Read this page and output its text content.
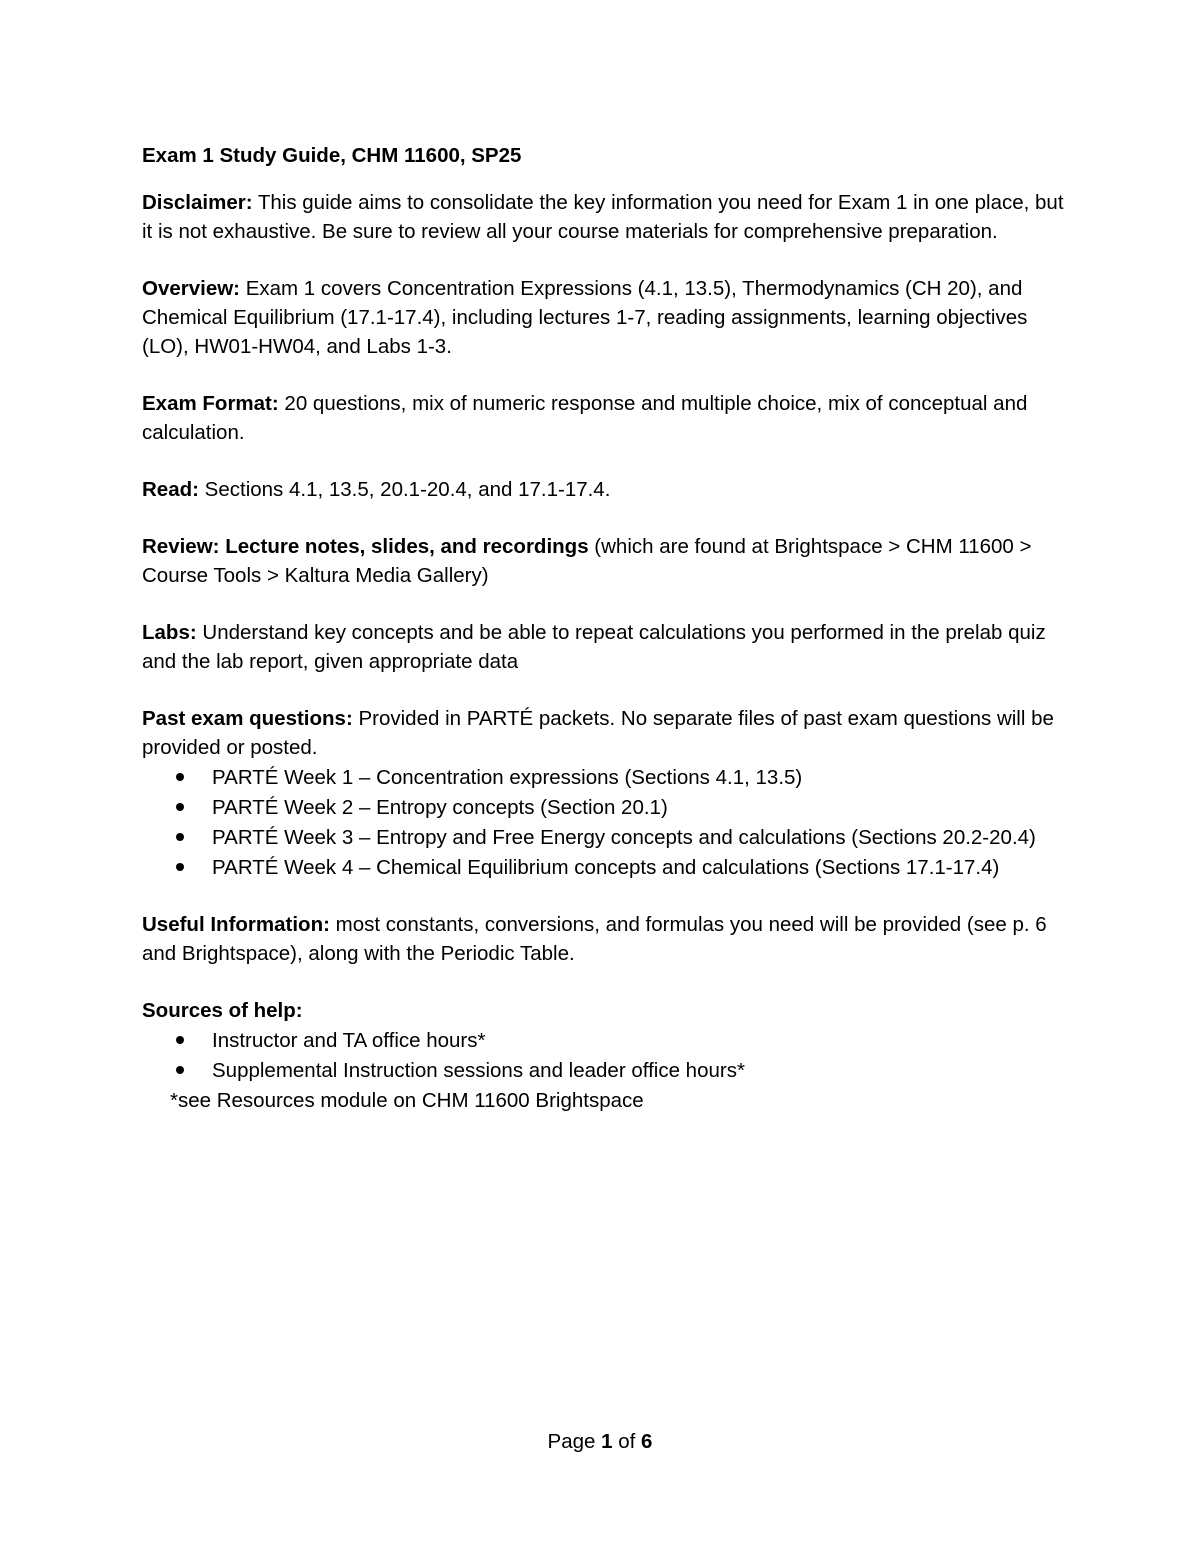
Exam 1 Study Guide, CHM 11600, SP25

Disclaimer: This guide aims to consolidate the key information you need for Exam 1 in one place, but it is not exhaustive. Be sure to review all your course materials for comprehensive preparation.

Overview: Exam 1 covers Concentration Expressions (4.1, 13.5), Thermodynamics (CH 20), and Chemical Equilibrium (17.1-17.4), including lectures 1-7, reading assignments, learning objectives (LO), HW01-HW04, and Labs 1-3.

Exam Format: 20 questions, mix of numeric response and multiple choice, mix of conceptual and calculation.

Read: Sections 4.1, 13.5, 20.1-20.4, and 17.1-17.4.

Review: Lecture notes, slides, and recordings (which are found at Brightspace > CHM 11600 > Course Tools > Kaltura Media Gallery)

Labs: Understand key concepts and be able to repeat calculations you performed in the prelab quiz and the lab report, given appropriate data

Past exam questions: Provided in PARTÉ packets. No separate files of past exam questions will be provided or posted.

PARTÉ Week 1 – Concentration expressions (Sections 4.1, 13.5)
PARTÉ Week 2 – Entropy concepts (Section 20.1)
PARTÉ Week 3 – Entropy and Free Energy concepts and calculations (Sections 20.2-20.4)
PARTÉ Week 4 – Chemical Equilibrium concepts and calculations (Sections 17.1-17.4)

Useful Information: most constants, conversions, and formulas you need will be provided (see p. 6 and Brightspace), along with the Periodic Table.

Sources of help:

Instructor and TA office hours*
Supplemental Instruction sessions and leader office hours*
*see Resources module on CHM 11600 Brightspace
Page 1 of 6
